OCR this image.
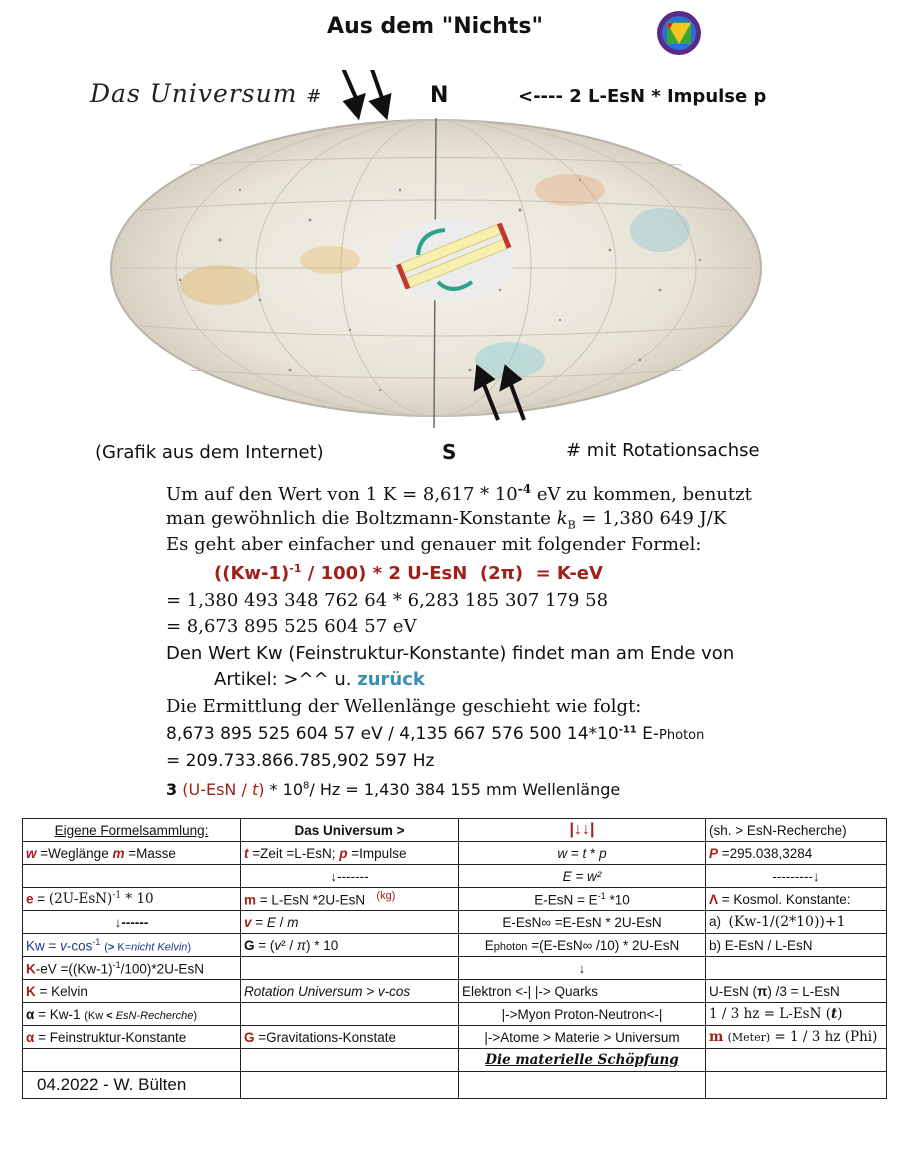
Aus dem "Nichts"
Das Universum #	N	<---- 2 L-EsN * Impulse p
S
(Grafik aus dem Internet)	# mit Rotationsachse
Um auf den Wert von 1 $K = 8,617 * 10^{-4}$ eV zu kommen, benutzt
man gewöhnlich die Boltzmann-Konstante $k_B = 1,380$ 649 J/K
Es geht aber einfacher und genauer mit folgender Formel:
$((Kw-1)^{-1} / 100) * 2$ U-EsN  (2π)  = K-eV
= 1,380 493 348 762 64 * 6,283 185 307 179 58
= 8,673 895 525 604 57 eV
Den Wert Kw (Feinstruktur-Konstante) findet man am Ende von
Artikel: >^^ u. zurück
Die Ermittlung der Wellenlänge geschieht wie folgt:
8,673 895 525 604 57 eV / 4,135 667 576 500 $14*10^{-11}$ E-Photon
= 209.733.866.785,902 597 Hz
3 $(U-EsN / t) * 10^8/$ Hz = 1,430 384 155 mm Wellenlänge
Eigene Formelsammlung:	Das Universum >	|↓↓|	(sh. > EsN-Recherche)
w =Weglänge m =Masse	t =Zeit =L-EsN; p =Impulse	w = t * p	P =295.038,3284
	↓-------	E = w²	---------↓
$e = (2U-EsN)^{-1} * 10$	m = L-EsN *2U-EsN   $^{(kg)}$	$E-EsN = E^{-1}$ *10	Λ = Kosmol. Konstante:
↓------	v = E / m	E-EsN∞ =E-EsN * 2U-EsN	a)  (Kw-1/(2*10))+1
$Kw = v-\cos^{-1}$ (> K=nicht Kelvin)	G = (v² / π) * 10	Ephoton =(E-EsN∞ /10) * 2U-EsN	b) E-EsN / L-EsN
$K-eV =((Kw-1)^{-1}/100)*2U$-EsN		↓	
K = Kelvin	Rotation Universum > v-cos	Elektron <-| |-> Quarks	U-EsN (π) /3 = L-EsN
α = Kw-1 (Kw < EsN-Recherche)		|->Myon Proton-Neutron<-|	1 / 3 hz = L-EsN (t)
α = Feinstruktur-Konstante	G =Gravitations-Konstate	|->Atome > Materie > Universum	m (Meter) = 1 / 3 hz (Phi)
		Die materielle Schöpfung	
04.2022 - W. Bülten			
